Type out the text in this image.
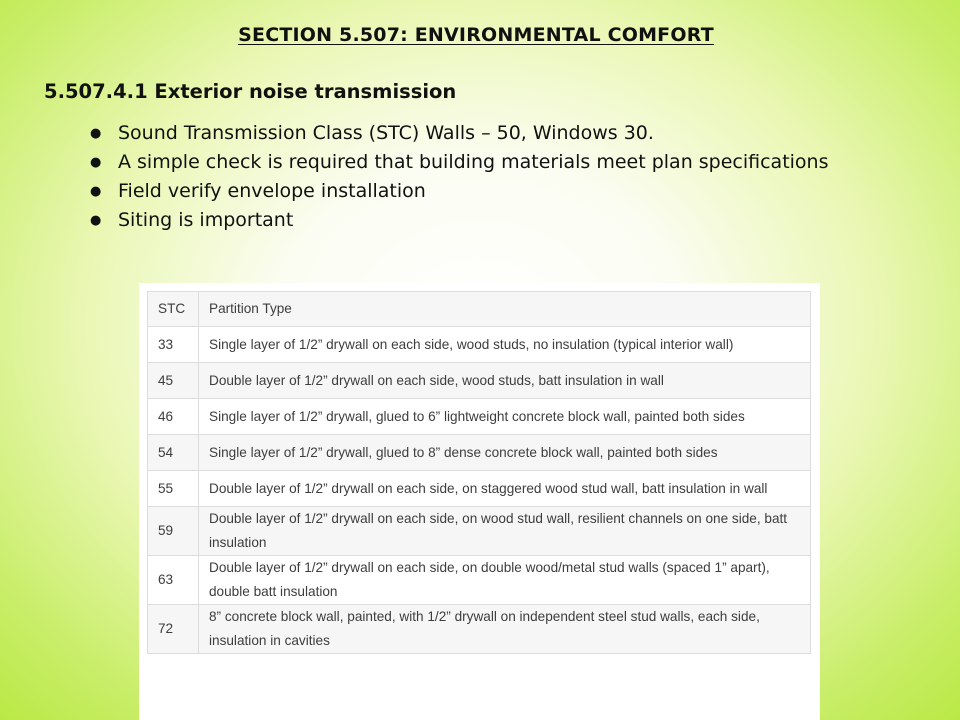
SECTION 5.507: ENVIRONMENTAL COMFORT
5.507.4.1 Exterior noise transmission
● Sound Transmission Class (STC) Walls – 50, Windows 30.
● A simple check is required that building materials meet plan specifications
● Field verify envelope installation
● Siting is important
STC	Partition Type
33	Single layer of 1/2” drywall on each side, wood studs, no insulation (typical interior wall)
45	Double layer of 1/2” drywall on each side, wood studs, batt insulation in wall
46	Single layer of 1/2” drywall, glued to 6” lightweight concrete block wall, painted both sides
54	Single layer of 1/2” drywall, glued to 8” dense concrete block wall, painted both sides
55	Double layer of 1/2” drywall on each side, on staggered wood stud wall, batt insulation in wall
59	Double layer of 1/2” drywall on each side, on wood stud wall, resilient channels on one side, batt insulation
63	Double layer of 1/2” drywall on each side, on double wood/metal stud walls (spaced 1” apart), double batt insulation
72	8” concrete block wall, painted, with 1/2” drywall on independent steel stud walls, each side, insulation in cavities
